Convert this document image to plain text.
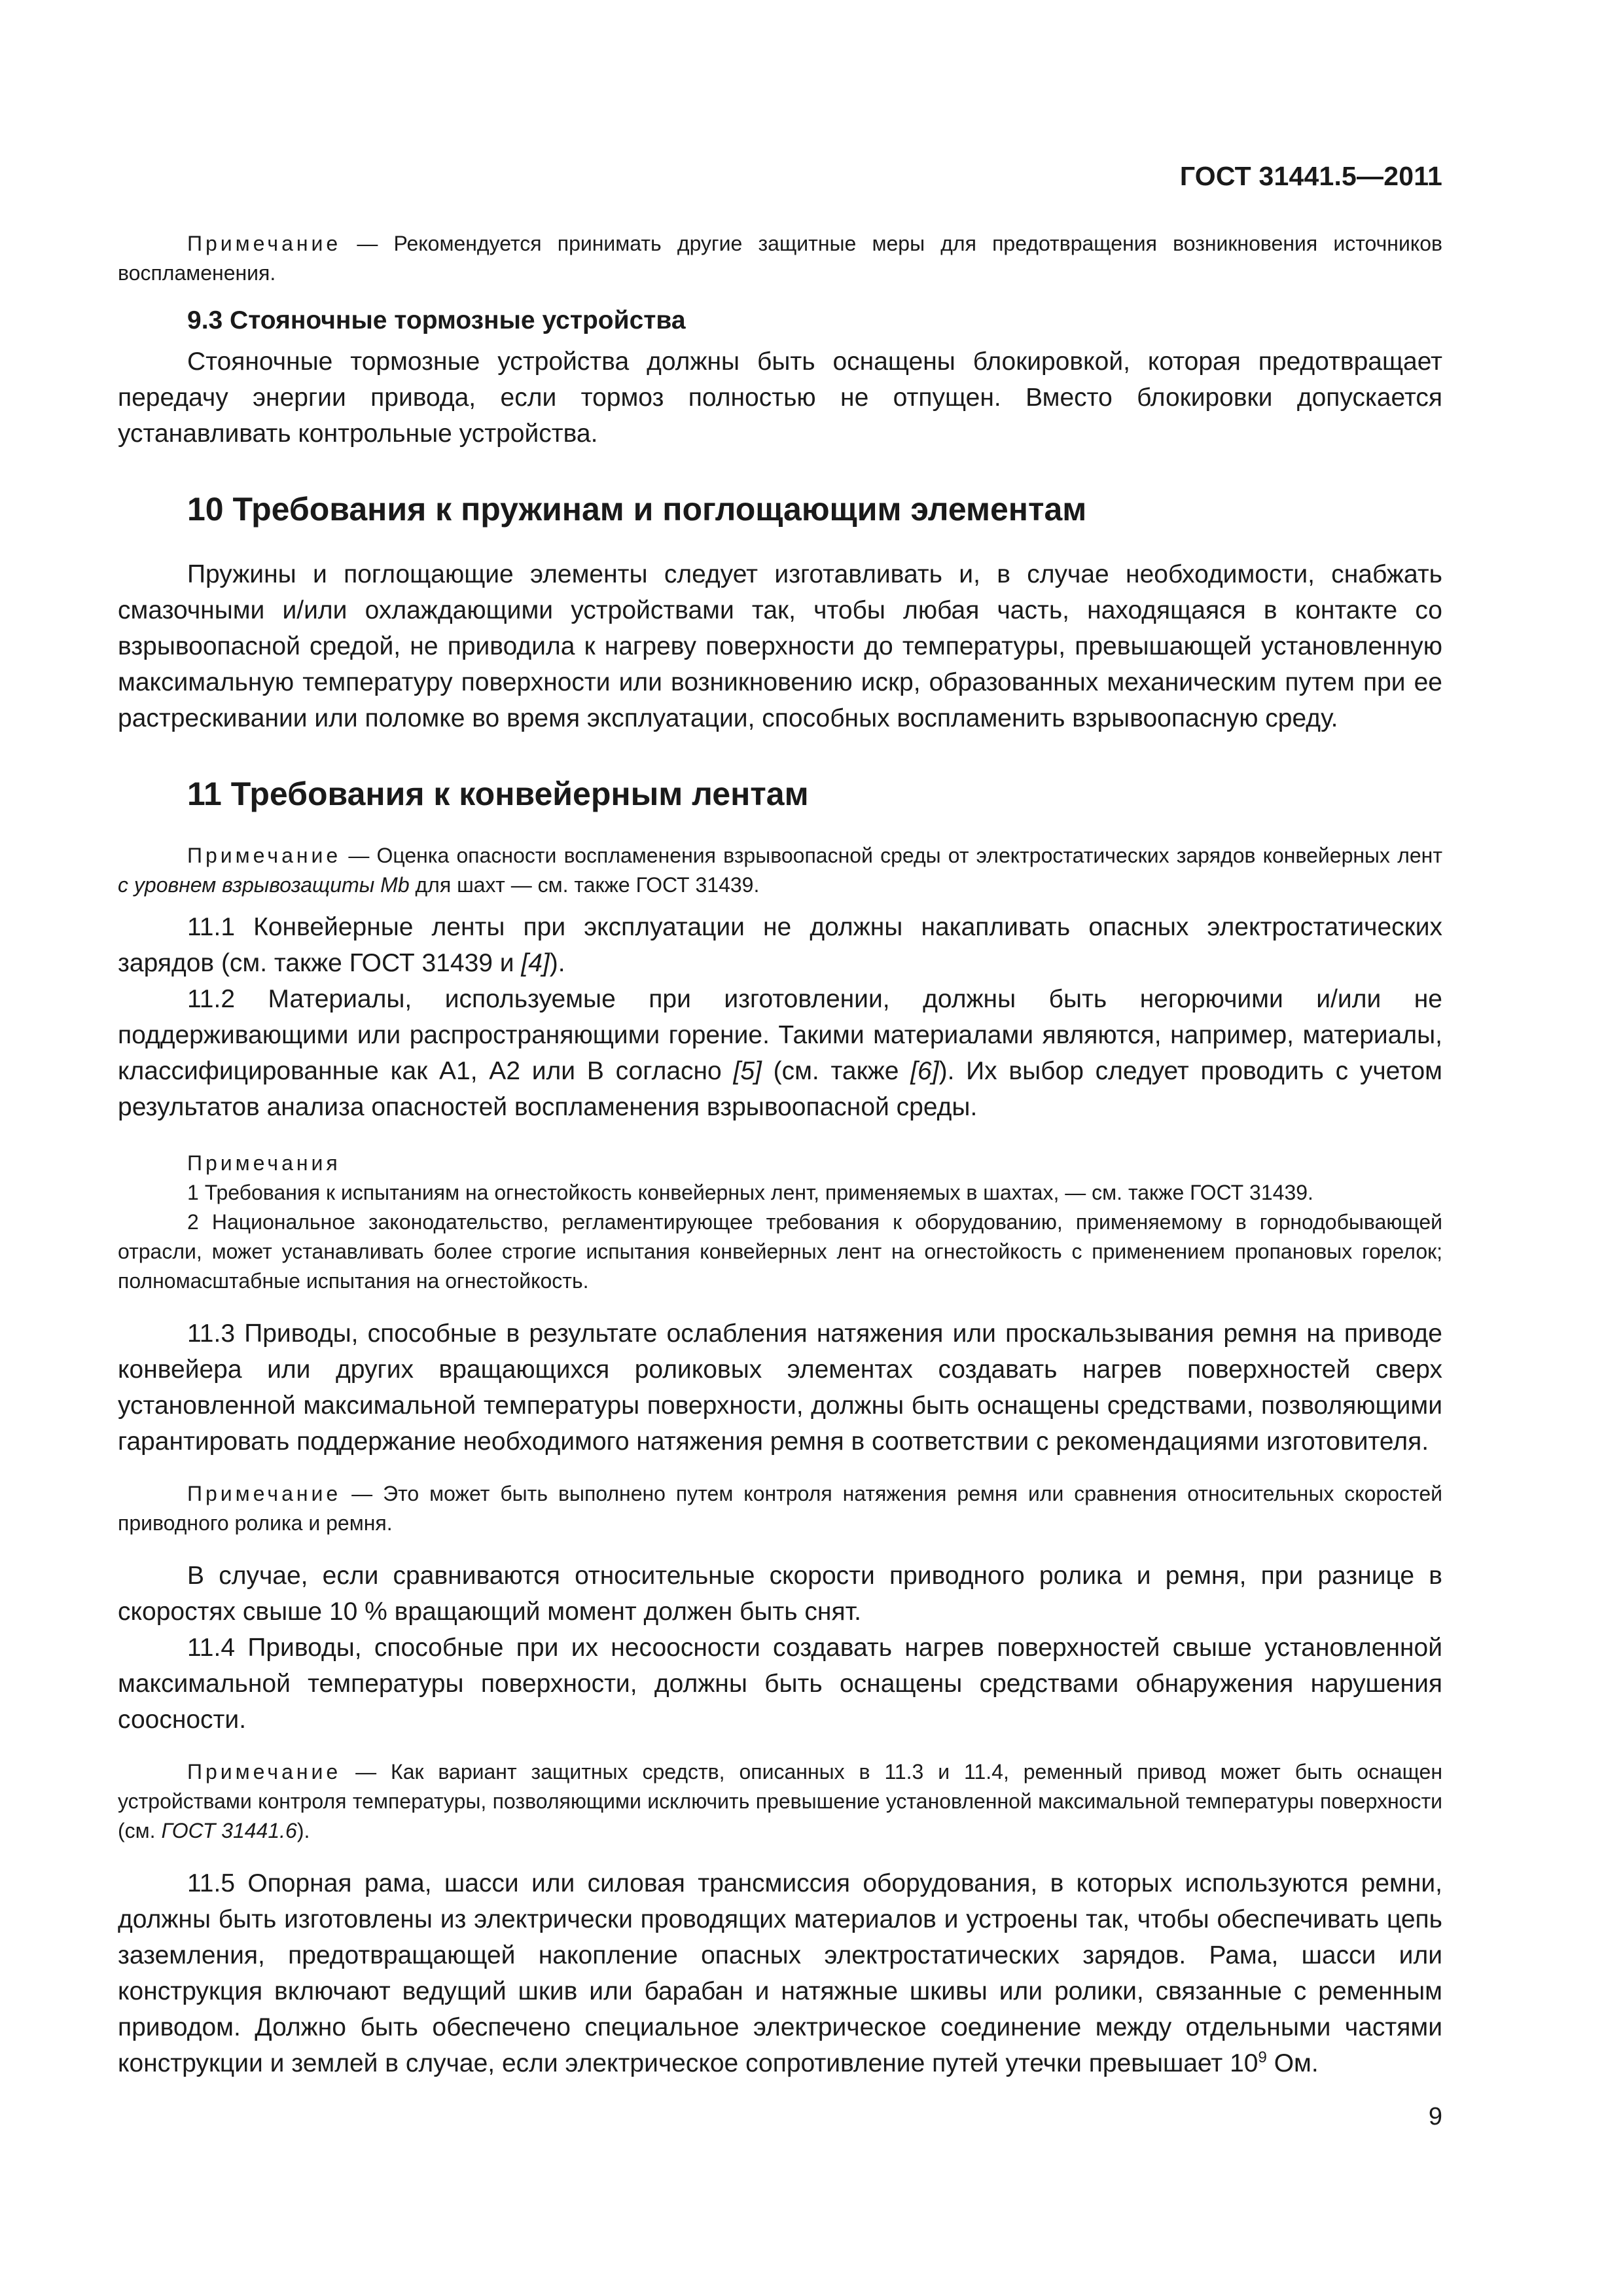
ГОСТ 31441.5—2011

Примечание — Рекомендуется принимать другие защитные меры для предотвращения возникновения источников воспламенения.

9.3 Стояночные тормозные устройства

Стояночные тормозные устройства должны быть оснащены блокировкой, которая предотвращает передачу энергии привода, если тормоз полностью не отпущен. Вместо блокировки допускается устанавливать контрольные устройства.

10 Требования к пружинам и поглощающим элементам

Пружины и поглощающие элементы следует изготавливать и, в случае необходимости, снабжать смазочными и/или охлаждающими устройствами так, чтобы любая часть, находящаяся в контакте со взрывоопасной средой, не приводила к нагреву поверхности до температуры, превышающей установленную максимальную температуру поверхности или возникновению искр, образованных механическим путем при ее растрескивании или поломке во время эксплуатации, способных воспламенить взрывоопасную среду.

11 Требования к конвейерным лентам

Примечание — Оценка опасности воспламенения взрывоопасной среды от электростатических зарядов конвейерных лент с уровнем взрывозащиты Mb для шахт — см. также ГОСТ 31439.

11.1 Конвейерные ленты при эксплуатации не должны накапливать опасных электростатических зарядов (см. также ГОСТ 31439 и [4]).

11.2 Материалы, используемые при изготовлении, должны быть негорючими и/или не поддерживающими или распространяющими горение. Такими материалами являются, например, материалы, классифицированные как А1, А2 или В согласно [5] (см. также [6]). Их выбор следует проводить с учетом результатов анализа опасностей воспламенения взрывоопасной среды.

Примечания

1 Требования к испытаниям на огнестойкость конвейерных лент, применяемых в шахтах, — см. также ГОСТ 31439.

2 Национальное законодательство, регламентирующее требования к оборудованию, применяемому в горнодобывающей отрасли, может устанавливать более строгие испытания конвейерных лент на огнестойкость с применением пропановых горелок; полномасштабные испытания на огнестойкость.

11.3 Приводы, способные в результате ослабления натяжения или проскальзывания ремня на приводе конвейера или других вращающихся роликовых элементах создавать нагрев поверхностей сверх установленной максимальной температуры поверхности, должны быть оснащены средствами, позволяющими гарантировать поддержание необходимого натяжения ремня в соответствии с рекомендациями изготовителя.

Примечание — Это может быть выполнено путем контроля натяжения ремня или сравнения относительных скоростей приводного ролика и ремня.

В случае, если сравниваются относительные скорости приводного ролика и ремня, при разнице в скоростях свыше 10 % вращающий момент должен быть снят.

11.4 Приводы, способные при их несоосности создавать нагрев поверхностей свыше установленной максимальной температуры поверхности, должны быть оснащены средствами обнаружения нарушения соосности.

Примечание — Как вариант защитных средств, описанных в 11.3 и 11.4, ременный привод может быть оснащен устройствами контроля температуры, позволяющими исключить превышение установленной максимальной температуры поверхности (см. ГОСТ 31441.6).

11.5 Опорная рама, шасси или силовая трансмиссия оборудования, в которых используются ремни, должны быть изготовлены из электрически проводящих материалов и устроены так, чтобы обеспечивать цепь заземления, предотвращающей накопление опасных электростатических зарядов. Рама, шасси или конструкция включают ведущий шкив или барабан и натяжные шкивы или ролики, связанные с ременным приводом. Должно быть обеспечено специальное электрическое соединение между отдельными частями конструкции и землей в случае, если электрическое сопротивление путей утечки превышает $10^9$ Ом.

9
